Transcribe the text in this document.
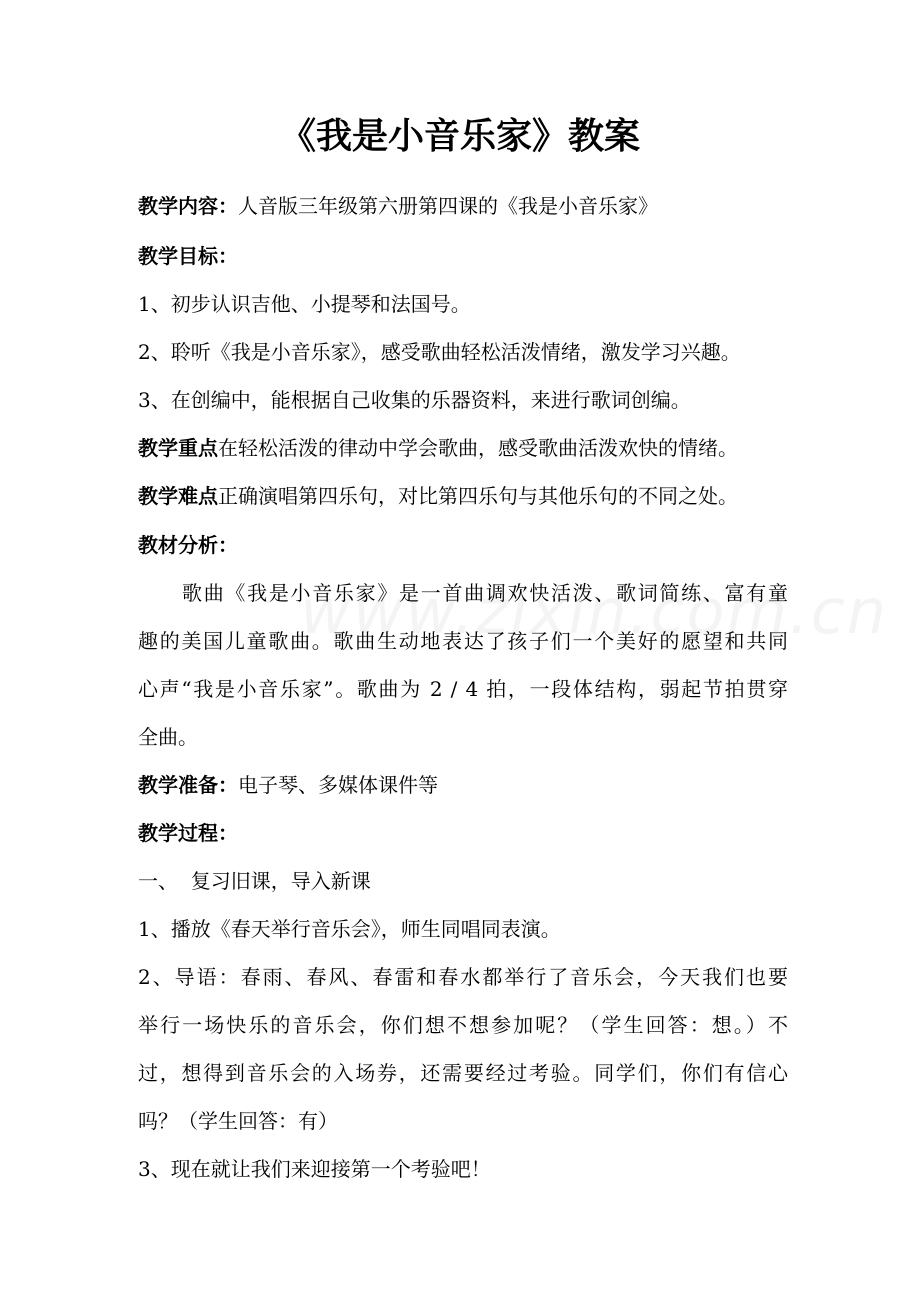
《我是小音乐家》教案
教学内容：人音版三年级第六册第四课的《我是小音乐家》
教学目标：
1、初步认识吉他、小提琴和法国号。
2、聆听《我是小音乐家》，感受歌曲轻松活泼情绪，激发学习兴趣。
3、在创编中，能根据自己收集的乐器资料，来进行歌词创编。
教学重点在轻松活泼的律动中学会歌曲，感受歌曲活泼欢快的情绪。
教学难点正确演唱第四乐句，对比第四乐句与其他乐句的不同之处。
教材分析：
歌曲《我是小音乐家》是一首曲调欢快活泼、歌词简练、富有童
趣的美国儿童歌曲。歌曲生动地表达了孩子们一个美好的愿望和共同
心声“我是小音乐家”。歌曲为 2 / 4 拍，一段体结构，弱起节拍贯穿
全曲。
教学准备：电子琴、多媒体课件等
教学过程：
一、  复习旧课，导入新课
1、播放《春天举行音乐会》，师生同唱同表演。
2、导语：春雨、春风、春雷和春水都举行了音乐会，今天我们也要
举行一场快乐的音乐会，你们想不想参加呢？（学生回答：想。）不
过，想得到音乐会的入场券，还需要经过考验。同学们，你们有信心
吗？（学生回答：有）
3、现在就让我们来迎接第一个考验吧！
